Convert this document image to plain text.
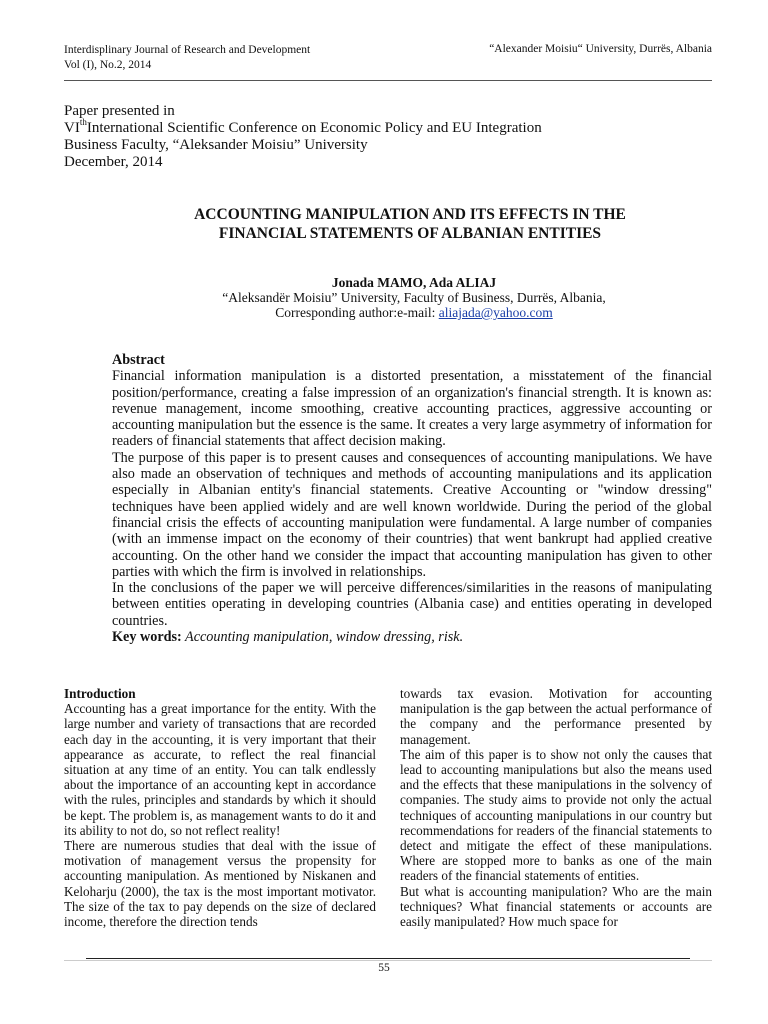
Interdisplinary Journal of Research and Development	“Alexander Moisiu“ University, Durrës, Albania
Vol (I), No.2, 2014
Paper presented in
VIthInternational Scientific Conference on Economic Policy and EU Integration
Business Faculty, “Aleksander Moisiu” University
December, 2014
ACCOUNTING MANIPULATION AND ITS EFFECTS IN THE
FINANCIAL STATEMENTS OF ALBANIAN ENTITIES
Jonada MAMO, Ada ALIAJ
“Aleksandër Moisiu” University, Faculty of Business, Durrës, Albania,
Corresponding author:e-mail: aliajada@yahoo.com

Abstract

Financial information manipulation is a distorted presentation, a misstatement of the financial position/performance, creating a false impression of an organization's financial strength. It is known as: revenue management, income smoothing, creative accounting practices, aggressive accounting or accounting manipulation but the essence is the same. It creates a very large asymmetry of information for readers of financial statements that affect decision making.

The purpose of this paper is to present causes and consequences of accounting manipulations. We have also made an observation of techniques and methods of accounting manipulations and its application especially in Albanian entity's financial statements. Creative Accounting or "window dressing" techniques have been applied widely and are well known worldwide. During the period of the global financial crisis the effects of accounting manipulation were fundamental. A large number of companies (with an immense impact on the economy of their countries) that went bankrupt had applied creative accounting. On the other hand we consider the impact that accounting manipulation has given to other parties with which the firm is involved in relationships.

In the conclusions of the paper we will perceive differences/similarities in the reasons of manipulating between entities operating in developing countries (Albania case) and entities operating in developed countries.

Key words: Accounting manipulation, window dressing, risk.

Introduction

Accounting has a great importance for the entity. With the large number and variety of transactions that are recorded each day in the accounting, it is very important that their appearance as accurate, to reflect the real financial situation at any time of an entity. You can talk endlessly about the importance of an accounting kept in accordance with the rules, principles and standards by which it should be kept. The problem is, as management wants to do it and its ability to not do, so not reflect reality!

There are numerous studies that deal with the issue of motivation of management versus the propensity for accounting manipulation. As mentioned by Niskanen and Keloharju (2000), the tax is the most important motivator. The size of the tax to pay depends on the size of declared income, therefore the direction tends

towards tax evasion. Motivation for accounting manipulation is the gap between the actual performance of the company and the performance presented by management.

The aim of this paper is to show not only the causes that lead to accounting manipulations but also the means used and the effects that these manipulations in the solvency of companies. The study aims to provide not only the actual techniques of accounting manipulations in our country but recommendations for readers of the financial statements to detect and mitigate the effect of these manipulations. Where are stopped more to banks as one of the main readers of the financial statements of entities.

But what is accounting manipulation? Who are the main techniques? What financial statements or accounts are easily manipulated? How much space for

55
